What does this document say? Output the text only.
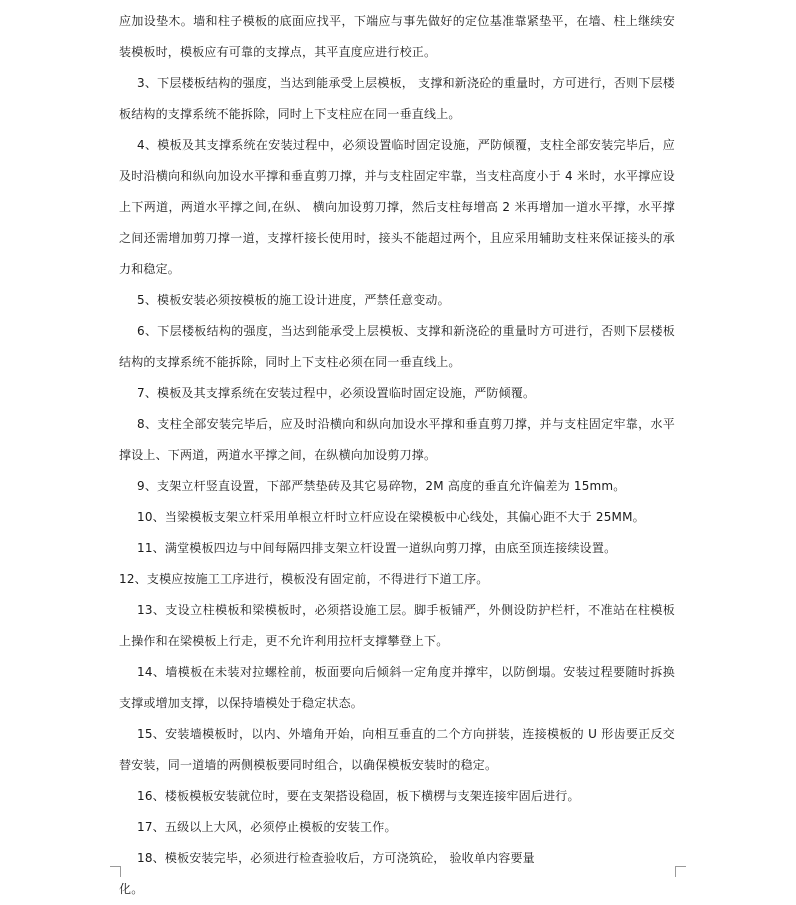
应加设垫木。墙和柱子模板的底面应找平，下端应与事先做好的定位基准靠紧垫平，在墙、柱上继续安装模板时，模板应有可靠的支撑点，其平直度应进行校正。

3、下层楼板结构的强度，当达到能承受上层模板， 支撑和新浇砼的重量时，方可进行，否则下层楼板结构的支撑系统不能拆除，同时上下支柱应在同一垂直线上。

4、模板及其支撑系统在安装过程中，必须设置临时固定设施，严防倾覆，支柱全部安装完毕后，应及时沿横向和纵向加设水平撑和垂直剪刀撑，并与支柱固定牢靠，当支柱高度小于 4 米时，水平撑应设上下两道，两道水平撑之间,在纵、 横向加设剪刀撑，然后支柱每增高 2 米再增加一道水平撑，水平撑之间还需增加剪刀撑一道，支撑杆接长使用时，接头不能超过两个，且应采用辅助支柱来保证接头的承力和稳定。

5、模板安装必须按模板的施工设计进度，严禁任意变动。

6、下层楼板结构的强度，当达到能承受上层模板、支撑和新浇砼的重量时方可进行，否则下层楼板结构的支撑系统不能拆除，同时上下支柱必须在同一垂直线上。

7、模板及其支撑系统在安装过程中，必须设置临时固定设施，严防倾覆。

8、支柱全部安装完毕后，应及时沿横向和纵向加设水平撑和垂直剪刀撑，并与支柱固定牢靠，水平撑设上、下两道，两道水平撑之间，在纵横向加设剪刀撑。

9、支架立杆竖直设置，下部严禁垫砖及其它易碎物，2M 高度的垂直允许偏差为 15mm。

10、当梁模板支架立杆采用单根立杆时立杆应设在梁模板中心线处，其偏心距不大于 25MM。

11、满堂模板四边与中间每隔四排支架立杆设置一道纵向剪刀撑，由底至顶连接续设置。

12、支模应按施工工序进行，模板没有固定前，不得进行下道工序。

13、支设立柱模板和梁模板时，必须搭设施工层。脚手板铺严，外侧设防护栏杆，不准站在柱模板上操作和在梁模板上行走，更不允许利用拉杆支撑攀登上下。

14、墙模板在未装对拉螺栓前，板面要向后倾斜一定角度并撑牢，以防倒塌。安装过程要随时拆换支撑或增加支撑，以保持墙模处于稳定状态。

15、安装墙模板时，以内、外墙角开始，向相互垂直的二个方向拼装，连接模板的 U 形齿要正反交替安装，同一道墙的两侧模板要同时组合，以确保模板安装时的稳定。

16、楼板模板安装就位时，要在支架搭设稳固，板下横楞与支架连接牢固后进行。

17、五级以上大风，必须停止模板的安装工作。

18、模板安装完毕，必须进行检查验收后，方可浇筑砼， 验收单内容要量

化。
